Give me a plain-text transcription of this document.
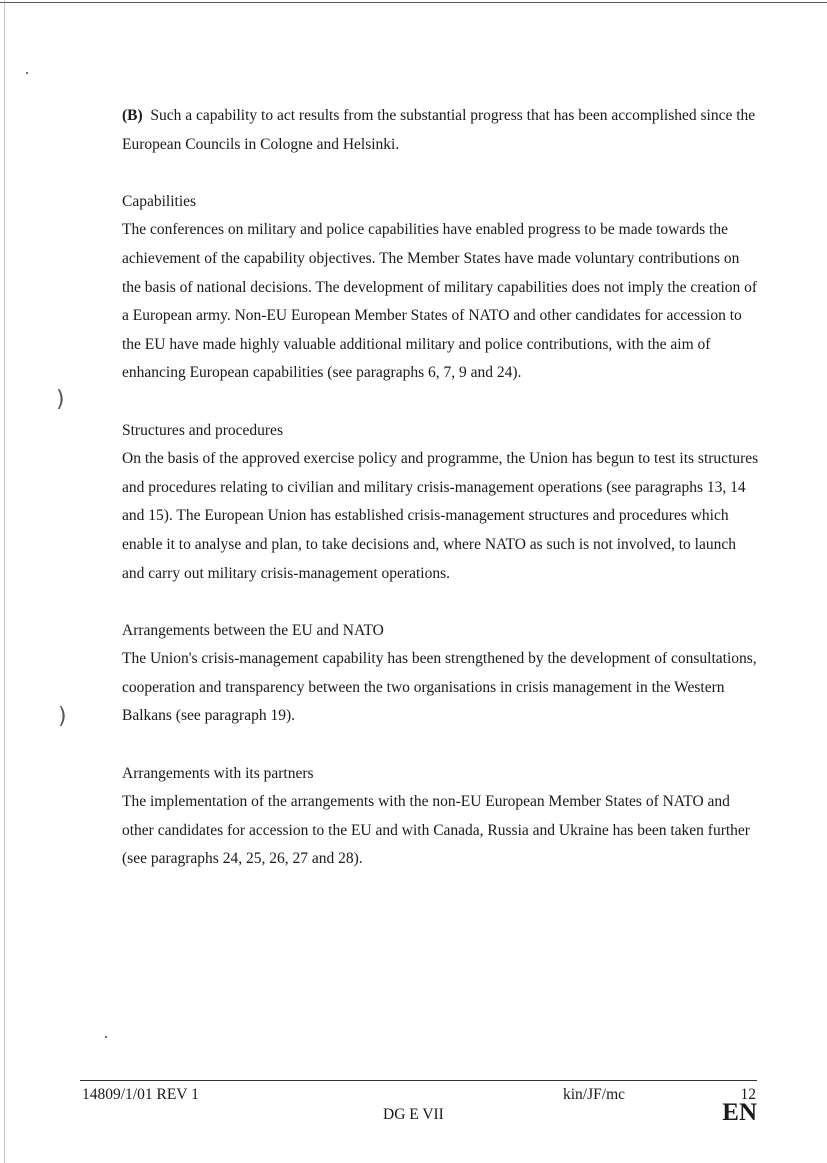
)
)

(B) Such a capability to act results from the substantial progress that has been accomplished since the European Councils in Cologne and Helsinki.

Capabilities

The conferences on military and police capabilities have enabled progress to be made towards the achievement of the capability objectives. The Member States have made voluntary contributions on the basis of national decisions. The development of military capabilities does not imply the creation of a European army. Non-EU European Member States of NATO and other candidates for accession to the EU have made highly valuable additional military and police contributions, with the aim of enhancing European capabilities (see paragraphs 6, 7, 9 and 24).

Structures and procedures

On the basis of the approved exercise policy and programme, the Union has begun to test its structures and procedures relating to civilian and military crisis-management operations (see paragraphs 13, 14 and 15). The European Union has established crisis-management structures and procedures which enable it to analyse and plan, to take decisions and, where NATO as such is not involved, to launch and carry out military crisis-management operations.

Arrangements between the EU and NATO

The Union's crisis-management capability has been strengthened by the development of consultations, cooperation and transparency between the two organisations in crisis management in the Western Balkans (see paragraph 19).

Arrangements with its partners

The implementation of the arrangements with the non-EU European Member States of NATO and other candidates for accession to the EU and with Canada, Russia and Ukraine has been taken further (see paragraphs 24, 25, 26, 27 and 28).

14809/1/01 REV 1	kin/JF/mc	12
DG E VII	EN
